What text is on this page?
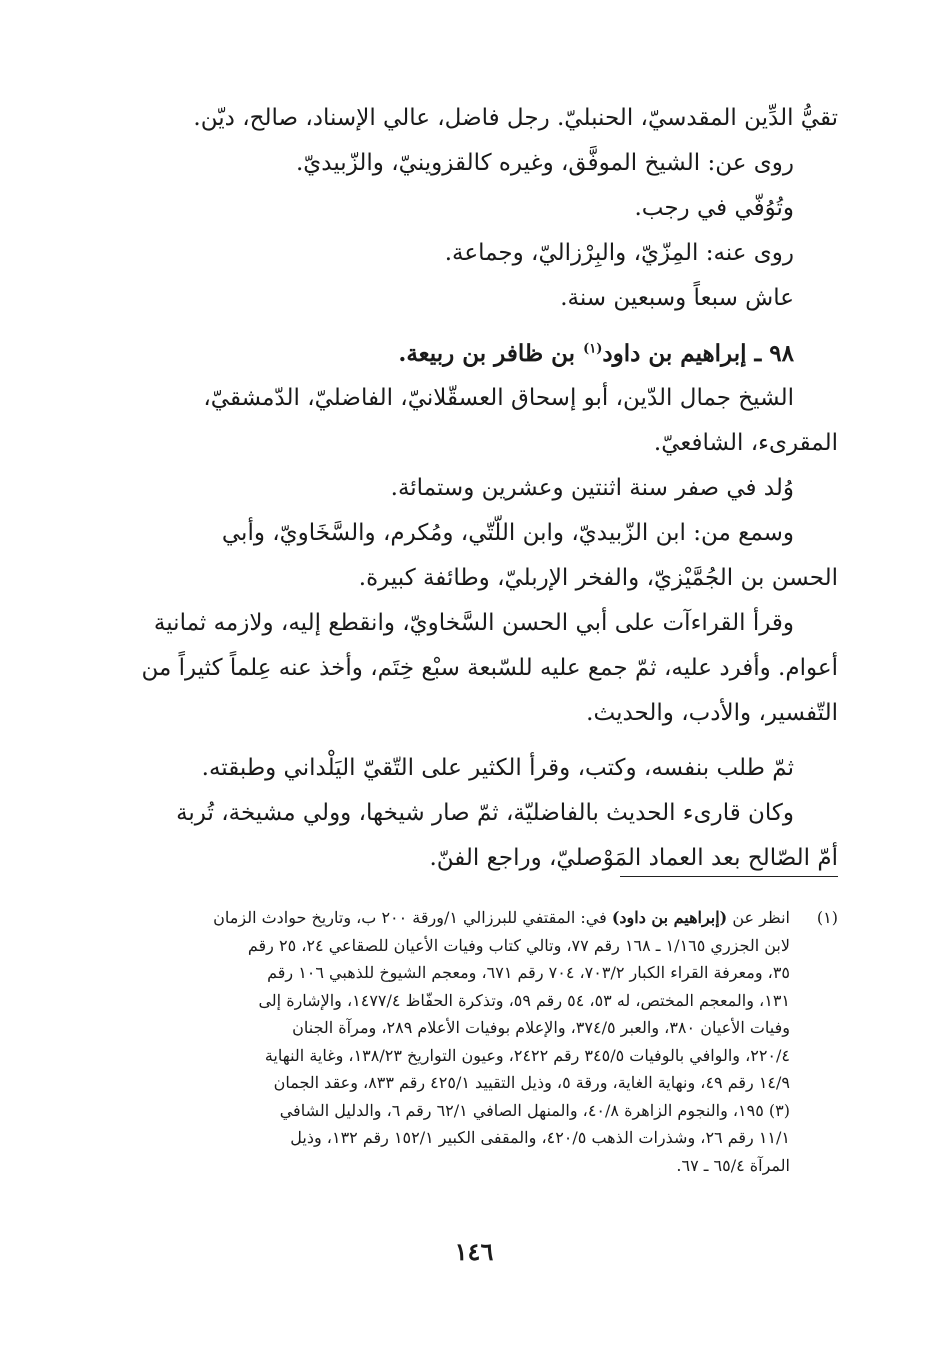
تقيُّ الدِّين المقدسيّ، الحنبليّ. رجل فاضل، عالي الإسناد، صالح، ديّن.
روى عن: الشيخ الموفَّق، وغيره كالقزوينيّ، والزّبيديّ.
وتُوُفّي في رجب.
روى عنه: المِزّيّ، والبِرْزاليّ، وجماعة.
عاش سبعاً وسبعين سنة.
٩٨ ـ إبراهيم بن داود$^{(١)}$ بن ظافر بن ربيعة.
الشيخ جمال الدّين، أبو إسحاق العسقّلانيّ، الفاضليّ، الدّمشقيّ،
المقرىء، الشافعيّ.
وُلد في صفر سنة اثنتين وعشرين وستمائة.
وسمع من: ابن الزّبيديّ، وابن اللّتّي، ومُكرم، والسَّخَاويّ، وأبي
الحسن بن الجُمَّيْزيّ، والفخر الإربليّ، وطائفة كبيرة.
وقرأ القراءآت على أبي الحسن السَّخاويّ، وانقطع إليه، ولازمه ثمانية
أعوام. وأفرد عليه، ثمّ جمع عليه للسّبعة سبْع خِتَم، وأخذ عنه عِلماً كثيراً من
التّفسير، والأدب، والحديث.
ثمّ طلب بنفسه، وكتب، وقرأ الكثير على التّقيّ اليَلْداني وطبقته.
وكان قارىء الحديث بالفاضليّة، ثمّ صار شيخها، وولي مشيخة، تُربة
أمّ الصّالح بعد العماد المَوْصليّ، وراجع الفنّ.
(١)
انظر عن (إبراهيم بن داود) في: المقتفي للبرزالي ١/ورقة ٢٠٠ ب، وتاريخ حوادث الزمان
لابن الجزري ١/١٦٥ ـ ١٦٨ رقم ٧٧، وتالي كتاب وفيات الأعيان للصقاعي ٢٤، ٢٥ رقم
٣٥، ومعرفة القراء الكبار ٧٠٣/٢، ٧٠٤ رقم ٦٧١، ومعجم الشيوخ للذهبي ١٠٦ رقم
١٣١، والمعجم المختص، له ٥٣، ٥٤ رقم ٥٩، وتذكرة الحفّاظ ١٤٧٧/٤، والإشارة إلى
وفيات الأعيان ٣٨٠، والعبر ٣٧٤/٥، والإعلام بوفيات الأعلام ٢٨٩، ومرآة الجنان
٢٢٠/٤، والوافي بالوفيات ٣٤٥/٥ رقم ٢٤٢٢، وعيون التواريخ ١٣٨/٢٣، وغاية النهاية
١٤/٩ رقم ٤٩، ونهاية الغاية، ورقة ٥، وذيل التقييد ٤٢٥/١ رقم ٨٣٣، وعقد الجمان
(٣) ١٩٥، والنجوم الزاهرة ٤٠/٨، والمنهل الصافي ٦٢/١ رقم ٦، والدليل الشافي
١١/١ رقم ٢٦، وشذرات الذهب ٤٢٠/٥، والمقفى الكبير ١٥٢/١ رقم ١٣٢، وذيل
المرآة ٦٥/٤ ـ ٦٧.
١٤٦
